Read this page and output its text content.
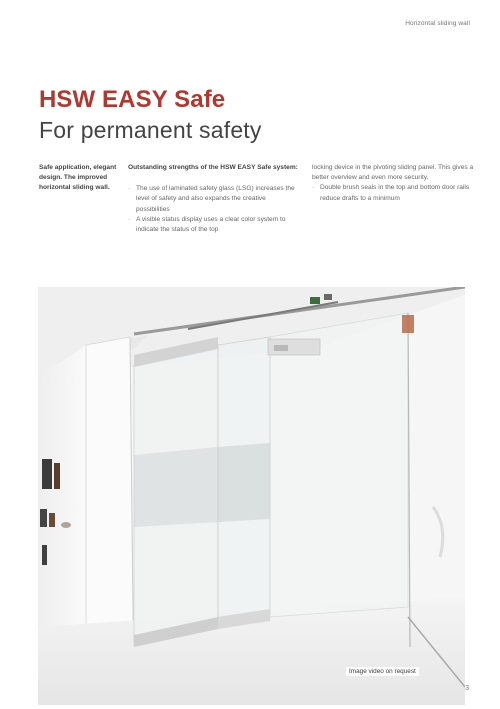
Horizontal sliding wall
HSW EASY Safe
For permanent safety
Safe application, elegant design. The improved horizontal sliding wall.
Outstanding strengths of the HSW EASY Safe system:
· The use of laminated safety glass (LSG) increases the level of safety and also expands the creative possibilities
· A visible status display uses a clear color system to indicate the status of the top

locking device in the pivoting sliding panel. This gives a better overview and even more security.

· Double brush seals in the top and bottom door rails reduce drafts to a minimum
Image video on request
3
